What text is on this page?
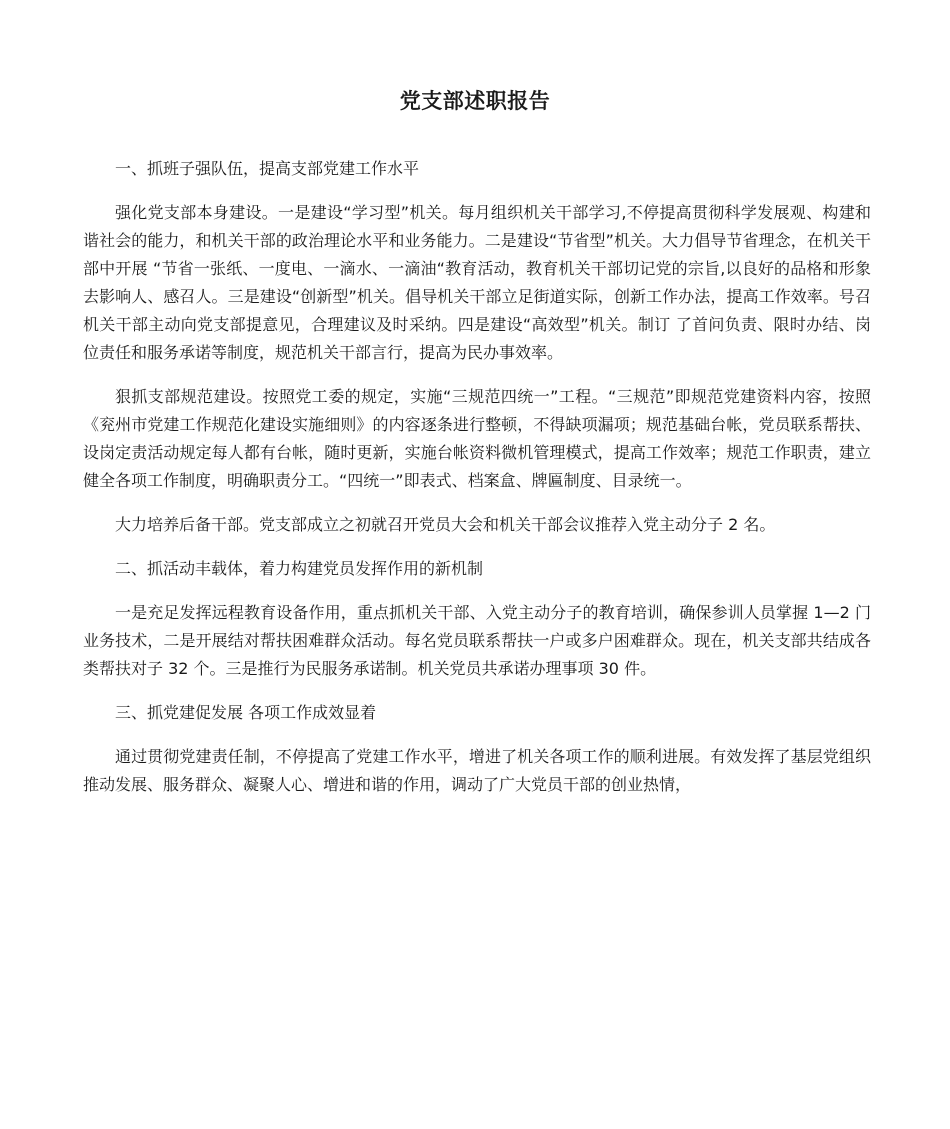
党支部述职报告

一、抓班子强队伍，提高支部党建工作水平

强化党支部本身建设。一是建设“学习型”机关。每月组织机关干部学习,不停提高贯彻科学发展观、构建和谐社会的能力，和机关干部的政治理论水平和业务能力。二是建设“节省型”机关。大力倡导节省理念，在机关干部中开展 “节省一张纸、一度电、一滴水、一滴油“教育活动，教育机关干部切记党的宗旨,以良好的品格和形象去影响人、感召人。三是建设“创新型”机关。倡导机关干部立足街道实际，创新工作办法，提高工作效率。号召机关干部主动向党支部提意见，合理建议及时采纳。四是建设“高效型”机关。制订 了首问负责、限时办结、岗位责任和服务承诺等制度，规范机关干部言行，提高为民办事效率。

狠抓支部规范建设。按照党工委的规定，实施“三规范四统一”工程。“三规范”即规范党建资料内容，按照《兖州市党建工作规范化建设实施细则》的内容逐条进行整顿，不得缺项漏项；规范基础台帐，党员联系帮扶、设岗定责活动规定每人都有台帐，随时更新，实施台帐资料微机管理模式，提高工作效率；规范工作职责，建立健全各项工作制度，明确职责分工。“四统一”即表式、档案盒、牌匾制度、目录统一。

大力培养后备干部。党支部成立之初就召开党员大会和机关干部会议推荐入党主动分子 2 名。

二、抓活动丰载体，着力构建党员发挥作用的新机制

一是充足发挥远程教育设备作用，重点抓机关干部、入党主动分子的教育培训，确保参训人员掌握 1—2 门业务技术，二是开展结对帮扶困难群众活动。每名党员联系帮扶一户或多户困难群众。现在，机关支部共结成各类帮扶对子 32 个。三是推行为民服务承诺制。机关党员共承诺办理事项 30 件。

三、抓党建促发展 各项工作成效显着

通过贯彻党建责任制，不停提高了党建工作水平，增进了机关各项工作的顺利进展。有效发挥了基层党组织推动发展、服务群众、凝聚人心、增进和谐的作用，调动了广大党员干部的创业热情，
